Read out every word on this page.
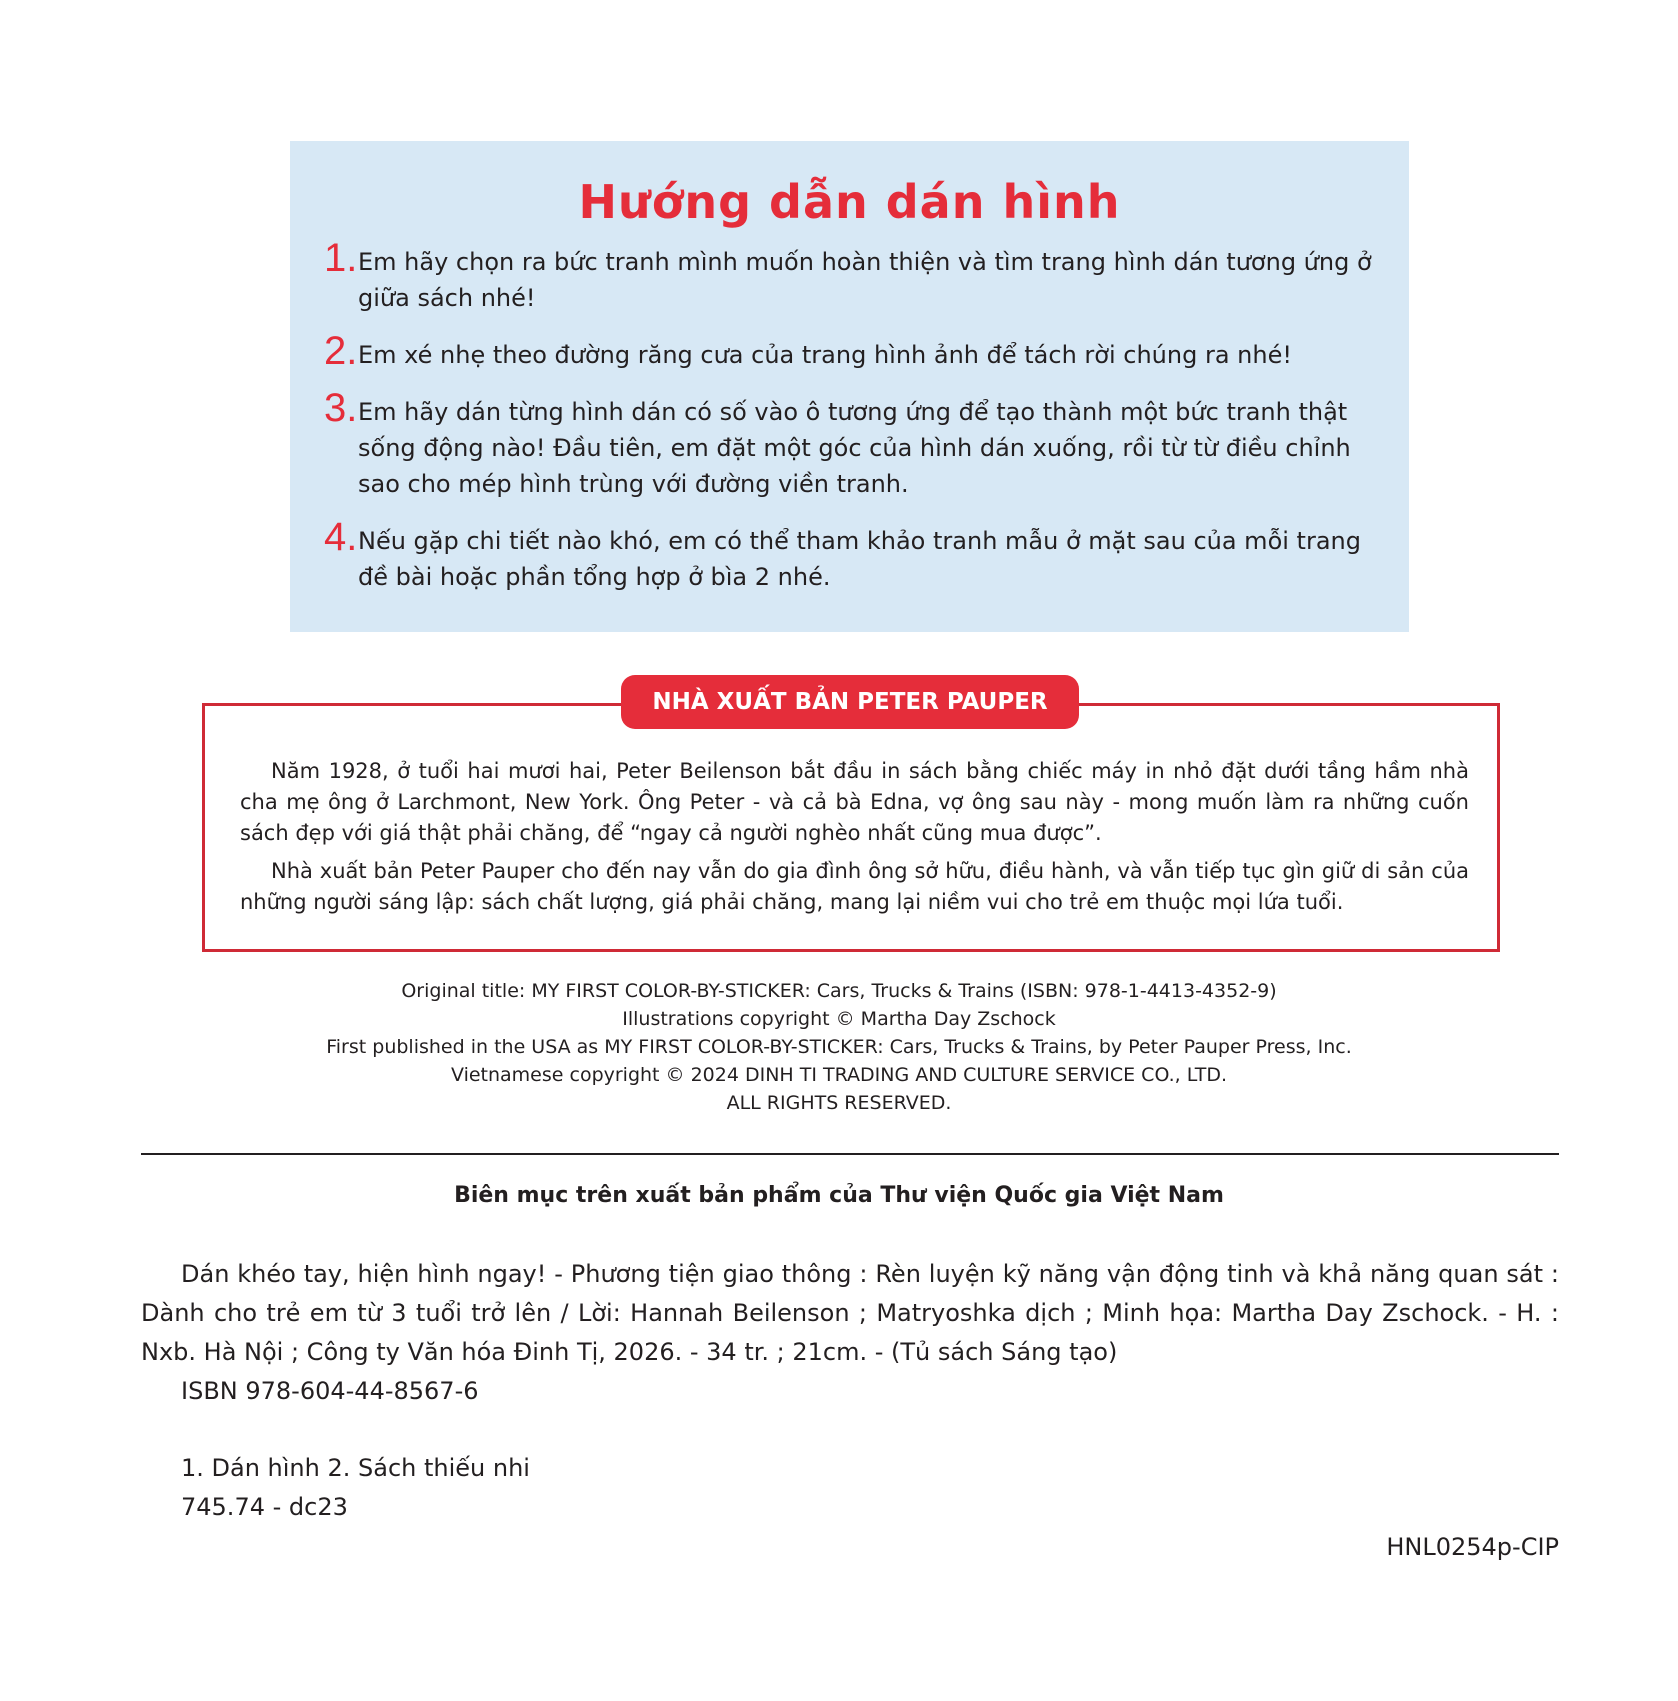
Hướng dẫn dán hình
1. Em hãy chọn ra bức tranh mình muốn hoàn thiện và tìm trang hình dán tương ứng ở giữa sách nhé!
2. Em xé nhẹ theo đường răng cưa của trang hình ảnh để tách rời chúng ra nhé!
3. Em hãy dán từng hình dán có số vào ô tương ứng để tạo thành một bức tranh thật sống động nào! Đầu tiên, em đặt một góc của hình dán xuống, rồi từ từ điều chỉnh sao cho mép hình trùng với đường viền tranh.
4. Nếu gặp chi tiết nào khó, em có thể tham khảo tranh mẫu ở mặt sau của mỗi trang đề bài hoặc phần tổng hợp ở bìa 2 nhé.

Năm 1928, ở tuổi hai mươi hai, Peter Beilenson bắt đầu in sách bằng chiếc máy in nhỏ đặt dưới tầng hầm nhà cha mẹ ông ở Larchmont, New York. Ông Peter - và cả bà Edna, vợ ông sau này - mong muốn làm ra những cuốn sách đẹp với giá thật phải chăng, để “ngay cả người nghèo nhất cũng mua được”.

Nhà xuất bản Peter Pauper cho đến nay vẫn do gia đình ông sở hữu, điều hành, và vẫn tiếp tục gìn giữ di sản của những người sáng lập: sách chất lượng, giá phải chăng, mang lại niềm vui cho trẻ em thuộc mọi lứa tuổi.

NHÀ XUẤT BẢN PETER PAUPER
Original title: MY FIRST COLOR-BY-STICKER: Cars, Trucks & Trains (ISBN: 978-1-4413-4352-9)
Illustrations copyright © Martha Day Zschock
First published in the USA as MY FIRST COLOR-BY-STICKER: Cars, Trucks & Trains, by Peter Pauper Press, Inc.
Vietnamese copyright © 2024 DINH TI TRADING AND CULTURE SERVICE CO., LTD.
ALL RIGHTS RESERVED.
Biên mục trên xuất bản phẩm của Thư viện Quốc gia Việt Nam

Dán khéo tay, hiện hình ngay! - Phương tiện giao thông : Rèn luyện kỹ năng vận động tinh và khả năng quan sát : Dành cho trẻ em từ 3 tuổi trở lên / Lời: Hannah Beilenson ; Matryoshka dịch ; Minh họa: Martha Day Zschock. - H. : Nxb. Hà Nội ; Công ty Văn hóa Đinh Tị, 2026. - 34 tr. ; 21cm. - (Tủ sách Sáng tạo)

ISBN 978-604-44-8567-6
1. Dán hình 2. Sách thiếu nhi
745.74 - dc23
HNL0254p-CIP
